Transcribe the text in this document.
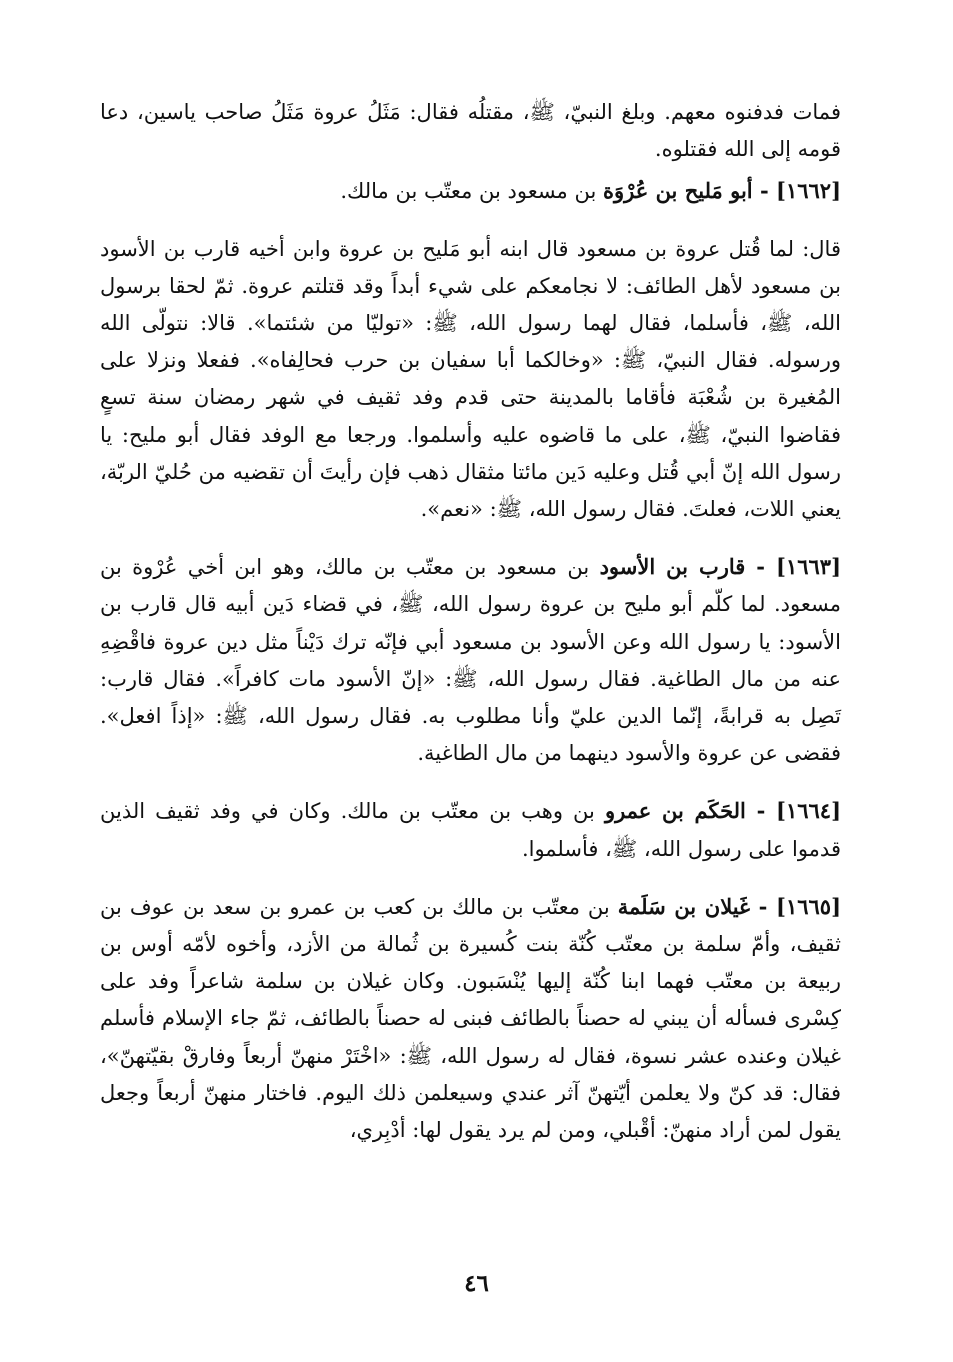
فمات فدفنوه معهم. وبلغ النبيّ، ﷺ، مقتلُه فقال: مَثَلُ عروة مَثَلُ صاحب ياسين، دعا قومه إلى الله فقتلوه.

[١٦٦٢] - أبو مَليح بن عُرْوَة بن مسعود بن معتّب بن مالك.

قال: لما قُتل عروة بن مسعود قال ابنه أبو مَليح بن عروة وابن أخيه قارب بن الأسود بن مسعود لأهل الطائف: لا نجامعكم على شيء أبداً وقد قتلتم عروة. ثمّ لحقا برسول الله، ﷺ، فأسلما، فقال لهما رسول الله، ﷺ: «توليّا من شئتما». قالا: نتولّى الله ورسوله. فقال النبيّ، ﷺ: «وخالكما أبا سفيان بن حرب فحالِفاه». ففعلا ونزلا على المُغيرة بن شُعْبَة فأقاما بالمدينة حتى قدم وفد ثقيف في شهر رمضان سنة تسعٍ فقاضوا النبيّ، ﷺ، على ما قاضوه عليه وأسلموا. ورجعا مع الوفد فقال أبو مليح: يا رسول الله إنّ أبي قُتل وعليه دَين مائتا مثقال ذهب فإن رأيتَ أن تقضيه من حُليّ الربّة، يعني اللات، فعلتَ. فقال رسول الله، ﷺ: «نعم».

[١٦٦٣] - قارب بن الأسود بن مسعود بن معتّب بن مالك، وهو ابن أخي عُرْوة بن مسعود. لما كلّم أبو مليح بن عروة رسول الله، ﷺ، في قضاء دَين أبيه قال قارب بن الأسود: يا رسول الله وعن الأسود بن مسعود أبي فإنّه ترك دَيْناً مثل دين عروة فاقْضِهِ عنه من مال الطاغية. فقال رسول الله، ﷺ: «إنّ الأسود مات كافراً». فقال قارب: تَصِل به قرابةً، إنّما الدين عليّ وأنا مطلوب به. فقال رسول الله، ﷺ: «إذاً افعل». فقضى عن عروة والأسود دينهما من مال الطاغية.

[١٦٦٤] - الحَكَم بن عمرو بن وهب بن معتّب بن مالك. وكان في وفد ثقيف الذين قدموا على رسول الله، ﷺ، فأسلموا.

[١٦٦٥] - غَيلان بن سَلَمة بن معتّب بن مالك بن كعب بن عمرو بن سعد بن عوف بن ثقيف، وأمّ سلمة بن معتّب كُنّة بنت كُسيرة بن ثُمالة من الأزد، وأخوه لأمّه أوس بن ربيعة بن معتّب فهما ابنا كُنّة إليها يُنْسَبون. وكان غيلان بن سلمة شاعراً وفد على كِسْرى فسأله أن يبني له حصناً بالطائف فبنى له حصناً بالطائف، ثمّ جاء الإسلام فأسلم غيلان وعنده عشر نسوة، فقال له رسول الله، ﷺ: «اخْتَرْ منهنّ أربعاً وفارقْ بقيّتهنّ»، فقال: قد كنّ ولا يعلمن أيّتهنّ آثر عندي وسيعلمن ذلك اليوم. فاختار منهنّ أربعاً وجعل يقول لمن أراد منهنّ: أقْبلي، ومن لم يرد يقول لها: أدْبِري،

٤٦
